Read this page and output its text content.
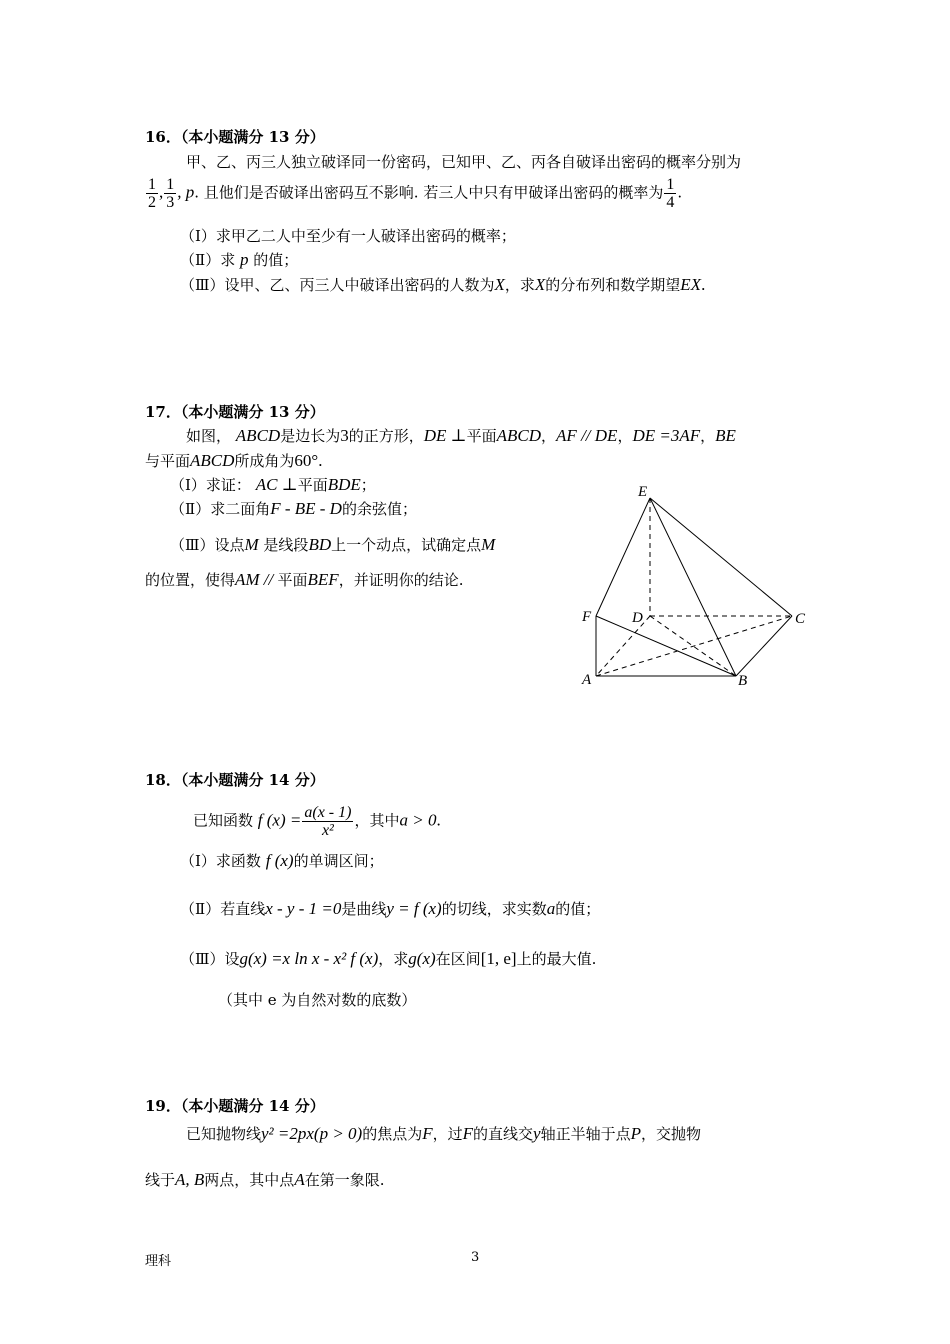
16．（本小题满分 13 分）
甲、乙、丙三人独立破译同一份密码，已知甲、乙、丙各自破译出密码的概率分别为
$\frac{1}{2}$ , $\frac{1}{3}$ , p. 且他们是否破译出密码互不影响. 若三人中只有甲破译出密码的概率为 $\frac{1}{4}$ .
（Ⅰ）求甲乙二人中至少有一人破译出密码的概率；
（Ⅱ）求 p 的值；
（Ⅲ）设甲、乙、丙三人中破译出密码的人数为X，求X的分布列和数学期望EX.
17．（本小题满分 13 分）
如图， ABCD是边长为3的正方形，DE ⊥平面ABCD，AF // DE，DE =3AF，BE
与平面ABCD所成角为60°.
（Ⅰ）求证： AC ⊥平面BDE；
（Ⅱ）求二面角F - BE - D的余弦值；
（Ⅲ）设点M 是线段BD上一个动点，试确定点M
的位置，使得AM // 平面BEF，并证明你的结论.
E
F	D	C
A	B
18．（本小题满分 14 分）
已知函数 f $(x) = \frac{a(x - 1)}{\text{x²}}$ ，其中a > 0.
（Ⅰ）求函数 f (x)的单调区间；
（Ⅱ）若直线x - y - 1 =0是曲线y = f (x)的切线，求实数a的值；
（Ⅲ）设g(x) =x ln x - x² f (x)，求g(x)在区间[1, e]上的最大值.
（其中 e 为自然对数的底数）
19．（本小题满分 14 分）
已知抛物线y² =2px(p > 0)的焦点为F，过F的直线交y轴正半轴于点P，交抛物
线于A, B两点，其中点A在第一象限.
理科	3
